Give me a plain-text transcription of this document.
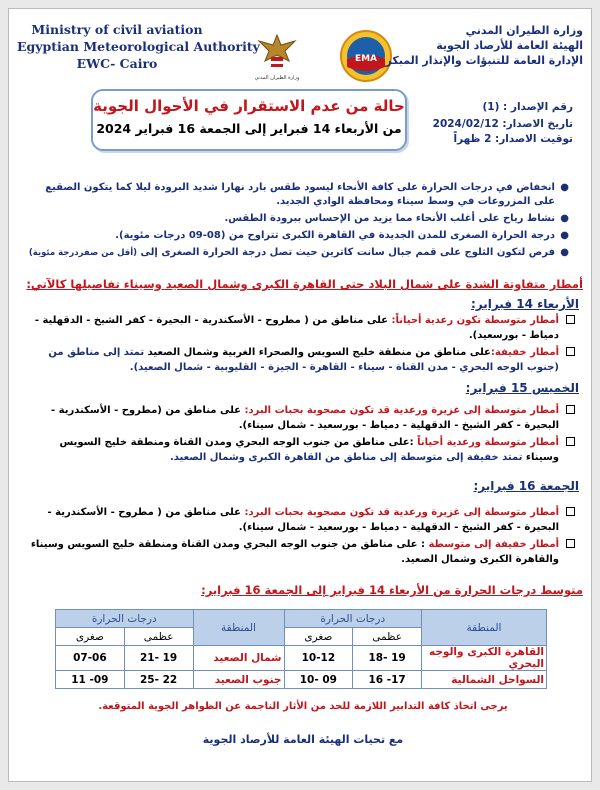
Ministry of civil aviation
Egyptian Meteorological Authority
EWC- Cairo
وزارة الطيران المدني
EMA
وزارة الطيران المدني
الهيئة العامة للأرصاد الجوية
الإدارة العامة للتنبؤات والإنذار المبكر
حالة من عدم الاستقرار في الأحوال الجوية
من الأربعاء 14 فبراير إلى الجمعة 16 فبراير 2024
رقم الإصدار : (1)
تاريخ الاصدار: 2024/02/12
توقيت الاصدار: 2 ظهراً
●
انخفاض في درجات الحرارة على كافة الأنحاء ليسود طقس بارد نهارا شديد البرودة ليلا كما يتكون الصقيع على المزروعات في وسط سيناء ومحافظة الوادي الجديد.
●
نشاط رياح على أغلب الأنحاء مما يزيد من الإحساس ببرودة الطقس.
●
درجة الحرارة الصغرى للمدن الجديدة في القاهرة الكبرى تتراوح من (08-09 درجات مئوية).
●
فرص لتكون الثلوج على قمم جبال سانت كاترين حيث تصل درجة الحرارة الصغرى إلى (أقل من صفردرجة مئوية)
أمطار متفاوتة الشدة على شمال البلاد حتى القاهرة الكبرى وشمال الصعيد وسيناء تفاصيلها كالآتي:
الأربعاء 14 فبراير:
أمطار متوسطة تكون رعدية أحياناً: على مناطق من ( مطروح - الأسكندرية - البحيرة - كفر الشيخ - الدقهلية - دمياط - بورسعيد).
أمطار خفيفة:على مناطق من منطقة خليج السويس والصحراء الغربية وشمال الصعيد تمتد إلى مناطق من (جنوب الوجه البحري - مدن القناة - سيناء - القاهرة - الجيزة - القليوبية - شمال الصعيد).
الخميس 15 فبراير:
أمطار متوسطة إلى غزيرة ورعدية قد تكون مصحوبة بحبات البرد: على مناطق من (مطروح - الأسكندرية - البحيرة - كفر الشيخ - الدقهلية - دمياط - بورسعيد - شمال سيناء).
أمطار متوسطة ورعدية أحياناً :على مناطق من جنوب الوجه البحري ومدن القناة ومنطقة خليج السويس وسيناء تمتد خفيفة إلى متوسطة إلى مناطق من القاهرة الكبرى وشمال الصعيد.
الجمعة 16 فبراير:
أمطار متوسطة إلى غزيرة ورعدية قد تكون مصحوبة بحبات البرد: على مناطق من ( مطروح - الأسكندرية - البحيرة - كفر الشيخ - الدقهلية - دمياط - بورسعيد - شمال سيناء).
أمطار خفيفة إلى متوسطة : على مناطق من جنوب الوجه البحري ومدن القناة ومنطقة خليج السويس وسيناء والقاهرة الكبرى وشمال الصعيد.
متوسط درجات الحرارة من الأربعاء 14 فبراير إلى الجمعة 16 فبراير:
المنطقة	درجات الحرارة		المنطقة	درجات الحرارة	
	عظمى	صغرى		عظمى	صغرى
القاهرة الكبرى والوجه البحري	19 -18	10-12	شمال الصعيد	19 -21	07-06
السواحل الشمالية	17- 16	09 -10	جنوب الصعيد	22 -25	09- 11
يرجى اتخاذ كافة التدابير اللازمة للحد من الأثار الناجمة عن الظواهر الجوية المتوقعة.
مع تحيات الهيئة العامة للأرصاد الجوية
